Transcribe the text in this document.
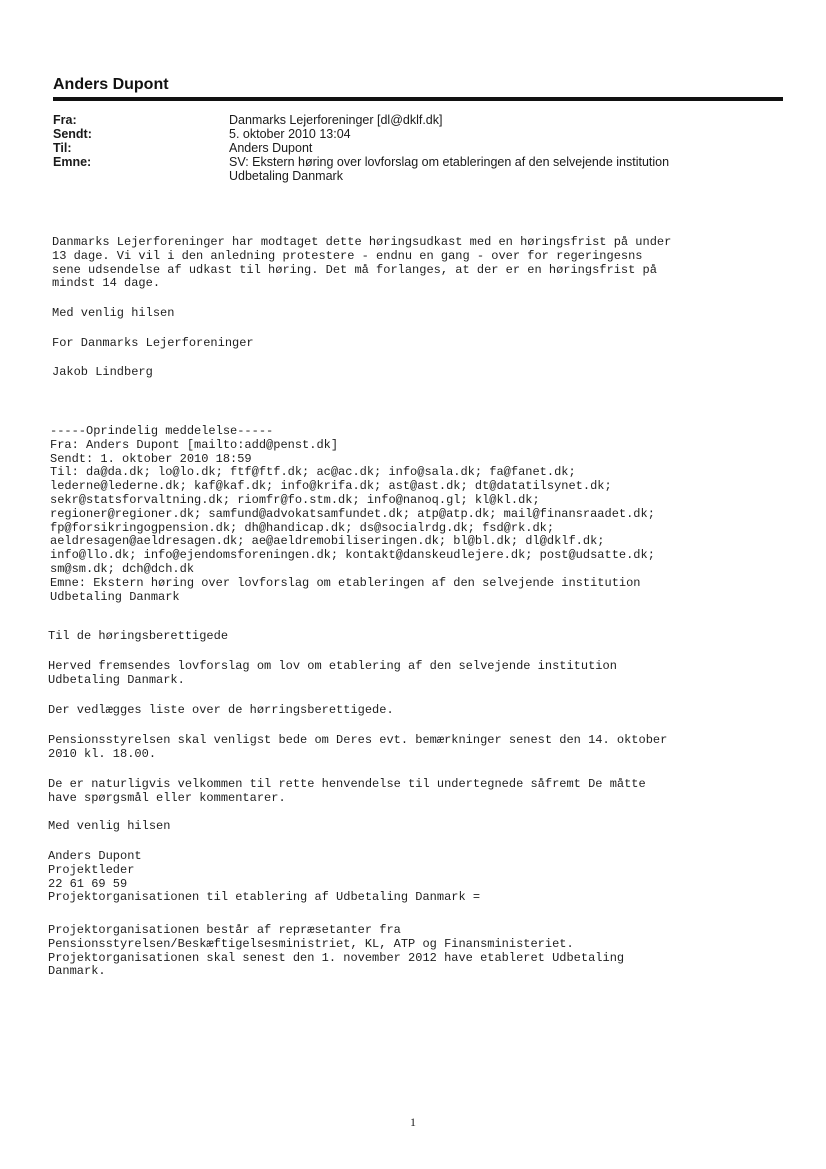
Anders Dupont
Fra:	Danmarks Lejerforeninger [dl@dklf.dk]
Sendt:	5. oktober 2010 13:04
Til:	Anders Dupont
Emne:	SV: Ekstern høring over lovforslag om etableringen af den selvejende institution
Udbetaling Danmark
Danmarks Lejerforeninger har modtaget dette høringsudkast med en høringsfrist på under
13 dage. Vi vil i den anledning protestere - endnu en gang - over for regeringesns
sene udsendelse af udkast til høring. Det må forlanges, at der er en høringsfrist på
mindst 14 dage.
Med venlig hilsen
For Danmarks Lejerforeninger
Jakob Lindberg
-----Oprindelig meddelelse-----
Fra: Anders Dupont [mailto:add@penst.dk]
Sendt: 1. oktober 2010 18:59
Til: da@da.dk; lo@lo.dk; ftf@ftf.dk; ac@ac.dk; info@sala.dk; fa@fanet.dk;
lederne@lederne.dk; kaf@kaf.dk; info@krifa.dk; ast@ast.dk; dt@datatilsynet.dk;
sekr@statsforvaltning.dk; riomfr@fo.stm.dk; info@nanoq.gl; kl@kl.dk;
regioner@regioner.dk; samfund@advokatsamfundet.dk; atp@atp.dk; mail@finansraadet.dk;
fp@forsikringogpension.dk; dh@handicap.dk; ds@socialrdg.dk; fsd@rk.dk;
aeldresagen@aeldresagen.dk; ae@aeldremobiliseringen.dk; bl@bl.dk; dl@dklf.dk;
info@llo.dk; info@ejendomsforeningen.dk; kontakt@danskeudlejere.dk; post@udsatte.dk;
sm@sm.dk; dch@dch.dk
Emne: Ekstern høring over lovforslag om etableringen af den selvejende institution
Udbetaling Danmark
Til de høringsberettigede
Herved fremsendes lovforslag om lov om etablering af den selvejende institution
Udbetaling Danmark.
Der vedlægges liste over de hørringsberettigede.
Pensionsstyrelsen skal venligst bede om Deres evt. bemærkninger senest den 14. oktober
2010 kl. 18.00.
De er naturligvis velkommen til rette henvendelse til undertegnede såfremt De måtte
have spørgsmål eller kommentarer.
Med venlig hilsen
Anders Dupont
Projektleder
22 61 69 59
Projektorganisationen til etablering af Udbetaling Danmark =
Projektorganisationen består af repræsetanter fra
Pensionsstyrelsen/Beskæftigelsesministriet, KL, ATP og Finansministeriet.
Projektorganisationen skal senest den 1. november 2012 have etableret Udbetaling
Danmark.
1
